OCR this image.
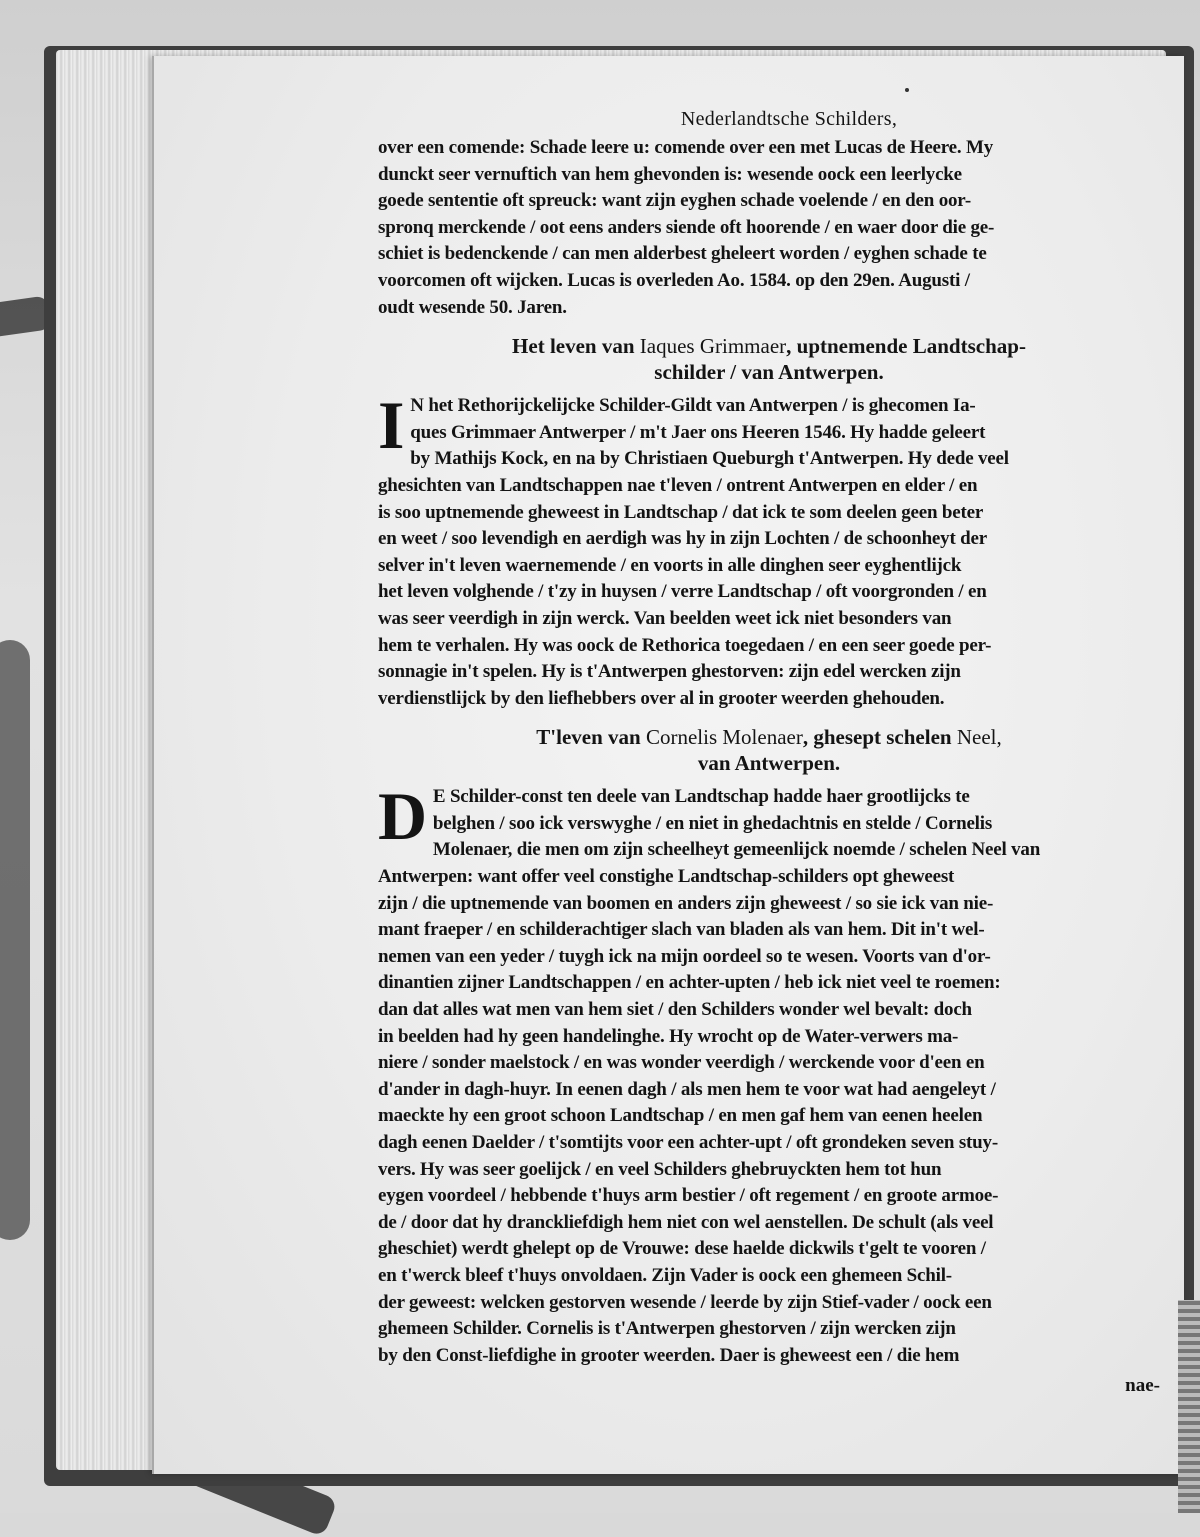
Nederlandtsche Schilders,
over een comende: Schade leere u: comende over een met Lucas de Heere. My
dunckt seer vernuftich van hem ghevonden is: wesende oock een leerlycke
goede sententie oft spreuck: want zijn eyghen schade voelende / en den oor-
spronq merckende / oot eens anders siende oft hoorende / en waer door die ge-
schiet is bedenckende / can men alderbest gheleert worden / eyghen schade te
voorcomen oft wijcken. Lucas is overleden Ao. 1584. op den 29en. Augusti /
oudt wesende 50. Jaren.
Het leven van Iaques Grimmaer, uptnemende Landtschap-
schilder / van Antwerpen.
I N het Rethorijckelijcke Schilder-Gildt van Antwerpen / is ghecomen Ia-
ques Grimmaer Antwerper / m't Jaer ons Heeren 1546. Hy hadde geleert
by Mathijs Kock, en na by Christiaen Queburgh t'Antwerpen. Hy dede veel
ghesichten van Landtschappen nae t'leven / ontrent Antwerpen en elder / en
is soo uptnemende gheweest in Landtschap / dat ick te som deelen geen beter
en weet / soo levendigh en aerdigh was hy in zijn Lochten / de schoonheyt der
selver in't leven waernemende / en voorts in alle dinghen seer eyghentlijck
het leven volghende / t'zy in huysen / verre Landtschap / oft voorgronden / en
was seer veerdigh in zijn werck. Van beelden weet ick niet besonders van
hem te verhalen. Hy was oock de Rethorica toegedaen / en een seer goede per-
sonnagie in't spelen. Hy is t'Antwerpen ghestorven: zijn edel wercken zijn
verdienstlijck by den liefhebbers over al in grooter weerden ghehouden.
T'leven van Cornelis Molenaer, ghesept schelen Neel,
van Antwerpen.
D E Schilder-const ten deele van Landtschap hadde haer grootlijcks te
belghen / soo ick verswyghe / en niet in ghedachtnis en stelde / Cornelis
Molenaer, die men om zijn scheelheyt gemeenlijck noemde / schelen Neel van
Antwerpen: want offer veel constighe Landtschap-schilders opt gheweest
zijn / die uptnemende van boomen en anders zijn gheweest / so sie ick van nie-
mant fraeper / en schilderachtiger slach van bladen als van hem. Dit in't wel-
nemen van een yeder / tuygh ick na mijn oordeel so te wesen. Voorts van d'or-
dinantien zijner Landtschappen / en achter-upten / heb ick niet veel te roemen:
dan dat alles wat men van hem siet / den Schilders wonder wel bevalt: doch
in beelden had hy geen handelinghe. Hy wrocht op de Water-verwers ma-
niere / sonder maelstock / en was wonder veerdigh / werckende voor d'een en
d'ander in dagh-huyr. In eenen dagh / als men hem te voor wat had aengeleyt /
maeckte hy een groot schoon Landtschap / en men gaf hem van eenen heelen
dagh eenen Daelder / t'somtijts voor een achter-upt / oft grondeken seven stuy-
vers. Hy was seer goelijck / en veel Schilders ghebruyckten hem tot hun
eygen voordeel / hebbende t'huys arm bestier / oft regement / en groote armoe-
de / door dat hy dranckliefdigh hem niet con wel aenstellen. De schult (als veel
gheschiet) werdt ghelept op de Vrouwe: dese haelde dickwils t'gelt te vooren /
en t'werck bleef t'huys onvoldaen. Zijn Vader is oock een ghemeen Schil-
der geweest: welcken gestorven wesende / leerde by zijn Stief-vader / oock een
ghemeen Schilder. Cornelis is t'Antwerpen ghestorven / zijn wercken zijn
by den Const-liefdighe in grooter weerden. Daer is gheweest een / die hem
nae-
